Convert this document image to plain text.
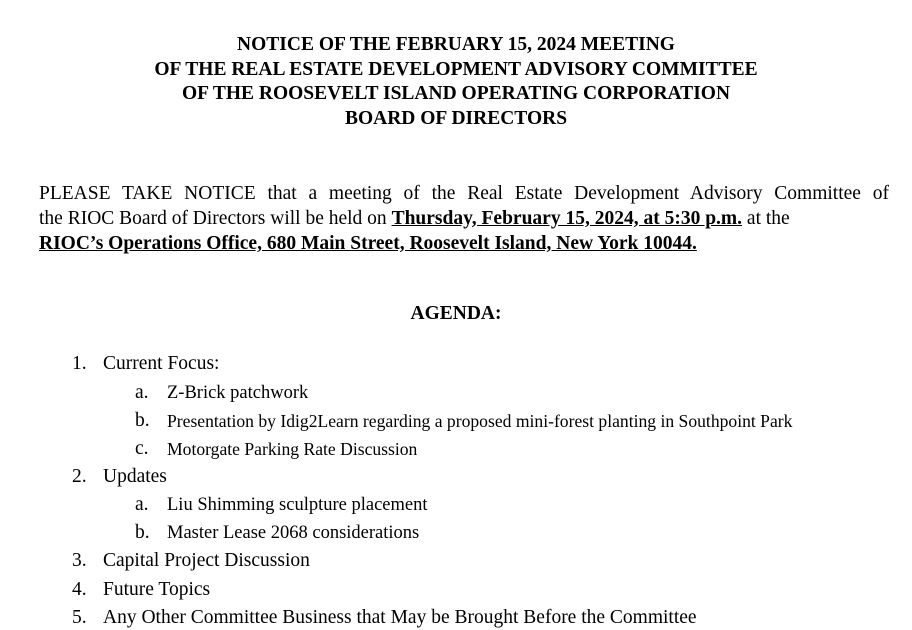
NOTICE OF THE FEBRUARY 15, 2024 MEETING
OF THE REAL ESTATE DEVELOPMENT ADVISORY COMMITTEE
OF THE ROOSEVELT ISLAND OPERATING CORPORATION
BOARD OF DIRECTORS
PLEASE TAKE NOTICE that a meeting of the Real Estate Development Advisory Committee of
the RIOC Board of Directors will be held on Thursday, February 15, 2024, at 5:30 p.m. at the
RIOC’s Operations Office, 680 Main Street, Roosevelt Island, New York 10044.
AGENDA:
1. Current Focus:
a. Z-Brick patchwork
b. Presentation by Idig2Learn regarding a proposed mini-forest planting in Southpoint Park
c. Motorgate Parking Rate Discussion
2. Updates
a. Liu Shimming sculpture placement
b. Master Lease 2068 considerations
3. Capital Project Discussion
4. Future Topics
5. Any Other Committee Business that May be Brought Before the Committee
